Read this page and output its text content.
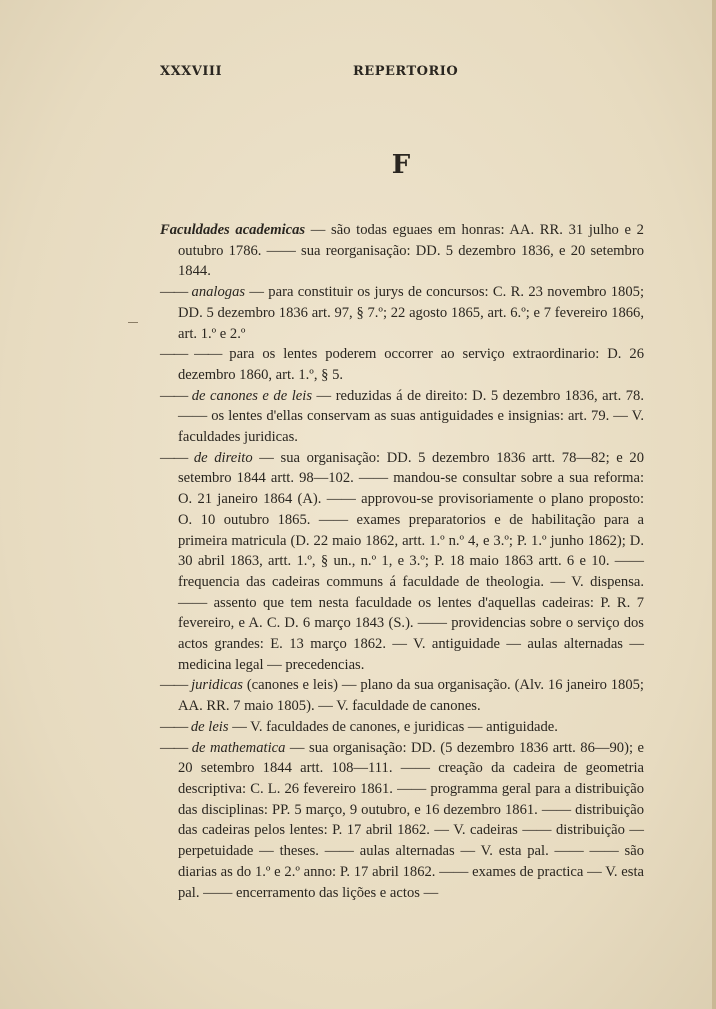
XXXVIII	REPERTORIO
F

Faculdades academicas — são todas eguaes em honras: AA. RR. 31 julho e 2 outubro 1786. —— sua reorganisação: DD. 5 dezembro 1836, e 20 setembro 1844.

—— analogas — para constituir os jurys de concursos: C. R. 23 novembro 1805; DD. 5 dezembro 1836 art. 97, § 7.º; 22 agosto 1865, art. 6.º; e 7 fevereiro 1866, art. 1.º e 2.º

—— —— para os lentes poderem occorrer ao serviço extraordinario: D. 26 dezembro 1860, art. 1.º, § 5.

—— de canones e de leis — reduzidas á de direito: D. 5 dezembro 1836, art. 78. —— os lentes d'ellas conservam as suas antiguidades e insignias: art. 79. — V. faculdades juridicas.

—— de direito — sua organisação: DD. 5 dezembro 1836 artt. 78—82; e 20 setembro 1844 artt. 98—102. —— mandou-se consultar sobre a sua reforma: O. 21 janeiro 1864 (A). —— approvou-se provisoriamente o plano proposto: O. 10 outubro 1865. —— exames preparatorios e de habilitação para a primeira matricula (D. 22 maio 1862, artt. 1.º n.º 4, e 3.º; P. 1.º junho 1862); D. 30 abril 1863, artt. 1.º, § un., n.º 1, e 3.º; P. 18 maio 1863 artt. 6 e 10. —— frequencia das cadeiras communs á faculdade de theologia. — V. dispensa. —— assento que tem nesta faculdade os lentes d'aquellas cadeiras: P. R. 7 fevereiro, e A. C. D. 6 março 1843 (S.). —— providencias sobre o serviço dos actos grandes: E. 13 março 1862. — V. antiguidade — aulas alternadas — medicina legal — precedencias.

—— juridicas (canones e leis) — plano da sua organisação. (Alv. 16 janeiro 1805; AA. RR. 7 maio 1805). — V. faculdade de canones.

—— de leis — V. faculdades de canones, e juridicas — antiguidade.

—— de mathematica — sua organisação: DD. (5 dezembro 1836 artt. 86—90); e 20 setembro 1844 artt. 108—111. —— creação da cadeira de geometria descriptiva: C. L. 26 fevereiro 1861. —— programma geral para a distribuição das disciplinas: PP. 5 março, 9 outubro, e 16 dezembro 1861. —— distribuição das cadeiras pelos lentes: P. 17 abril 1862. — V. cadeiras —— distribuição — perpetuidade — theses. —— aulas alternadas — V. esta pal. —— —— são diarias as do 1.º e 2.º anno: P. 17 abril 1862. —— exames de practica — V. esta pal. —— encerramento das lições e actos —
